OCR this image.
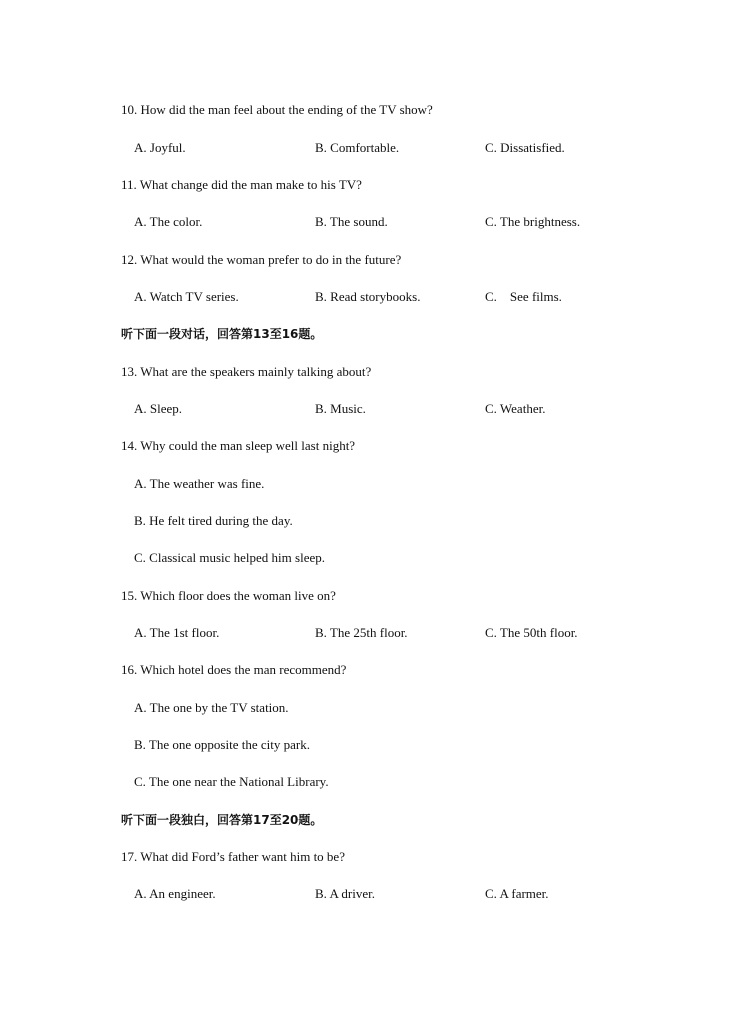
10. How did the man feel about the ending of the TV show?
A. Joyful.	B. Comfortable.	C. Dissatisfied.
11. What change did the man make to his TV?
A. The color.	B. The sound.	C. The brightness.
12. What would the woman prefer to do in the future?
A. Watch TV series.	B. Read storybooks.	C.    See films.
听下面一段对话，回答第13至16题。
13. What are the speakers mainly talking about?
A. Sleep.	B. Music.	C. Weather.
14. Why could the man sleep well last night?
A. The weather was fine.
B. He felt tired during the day.
C. Classical music helped him sleep.
15. Which floor does the woman live on?
A. The 1st floor.	B. The 25th floor.	C. The 50th floor.
16. Which hotel does the man recommend?
A. The one by the TV station.
B. The one opposite the city park.
C. The one near the National Library.
听下面一段独白，回答第17至20题。
17. What did Ford’s father want him to be?
A. An engineer.	B. A driver.	C. A farmer.
